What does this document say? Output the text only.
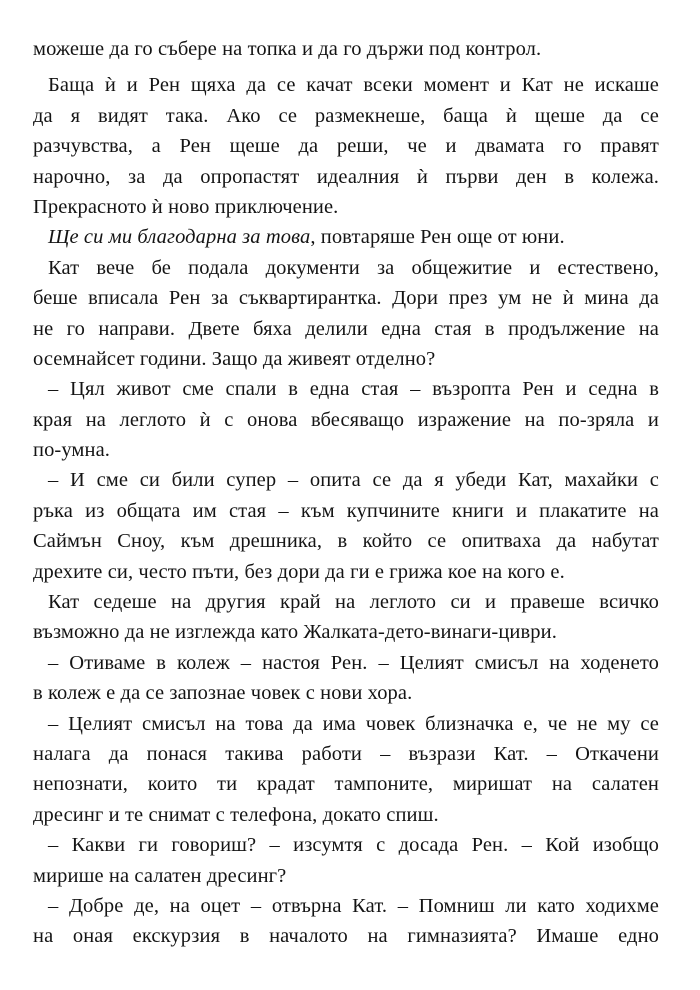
можеше да го събере на топка и да го държи под контрол.
Баща ѝ и Рен щяха да се качат всеки момент и Кат не искаше
да я видят така. Ако се размекнеше, баща ѝ щеше да се
разчувства, а Рен щеше да реши, че и двамата го правят
нарочно, за да опропастят идеалния ѝ първи ден в колежа.
Прекрасното ѝ ново приключение.
Ще си ми благодарна за това, повтаряше Рен още от юни.
Кат вече бе подала документи за общежитие и естествено,
беше вписала Рен за съквартирантка. Дори през ум не ѝ мина да
не го направи. Двете бяха делили една стая в продължение на
осемнайсет години. Защо да живеят отделно?
– Цял живот сме спали в една стая – възропта Рен и седна в
края на леглото ѝ с онова вбесяващо изражение на по-зряла и
по-умна.
– И сме си били супер – опита се да я убеди Кат, махайки с
ръка из общата им стая – към купчините книги и плакатите на
Саймън Сноу, към дрешника, в който се опитваха да набутат
дрехите си, често пъти, без дори да ги е грижа кое на кого е.
Кат седеше на другия край на леглото си и правеше всичко
възможно да не изглежда като Жалката-дето-винаги-циври.
– Отиваме в колеж – настоя Рен. – Целият смисъл на ходенето
в колеж е да се запознае човек с нови хора.
– Целият смисъл на това да има човек близначка е, че не му се
налага да понася такива работи – възрази Кат. – Откачени
непознати, които ти крадат тампоните, миришат на салатен
дресинг и те снимат с телефона, докато спиш.
– Какви ги говориш? – изсумтя с досада Рен. – Кой изобщо
мирише на салатен дресинг?
– Добре де, на оцет – отвърна Кат. – Помниш ли като ходихме
на оная екскурзия в началото на гимназията? Имаше едно
